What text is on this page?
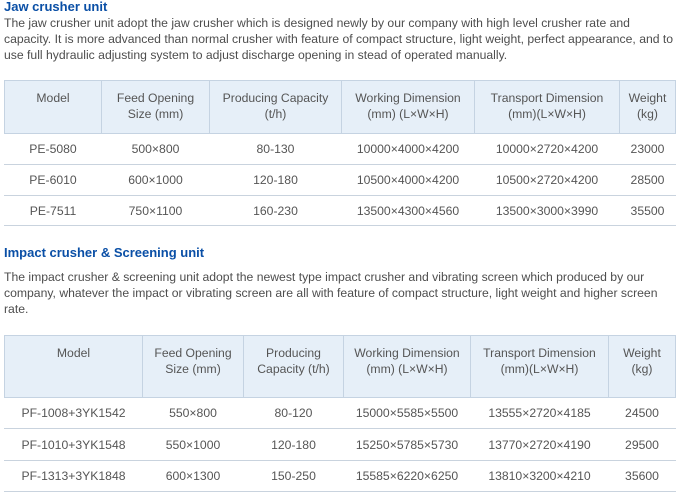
Jaw crusher unit

The jaw crusher unit adopt the jaw crusher which is designed newly by our company with high level crusher rate and capacity. It is more advanced than normal crusher with feature of compact structure, light weight, perfect appearance, and to use full hydraulic adjusting system to adjust discharge opening in stead of operated manually.

Model	Feed Opening Size (mm)	Producing Capacity (t/h)	Working Dimension (mm) (L×W×H)	Transport Dimension (mm)(L×W×H)	Weight (kg)
PE-5080	500×800	80-130	10000×4000×4200	10000×2720×4200	23000
PE-6010	600×1000	120-180	10500×4000×4200	10500×2720×4200	28500
PE-7511	750×1100	160-230	13500×4300×4560	13500×3000×3990	35500
Impact crusher & Screening unit

The impact crusher & screening unit adopt the newest type impact crusher and vibrating screen which produced by our company, whatever the impact or vibrating screen are all with feature of compact structure, light weight and higher screen rate.

Model	Feed Opening Size (mm)	Producing Capacity (t/h)	Working Dimension (mm) (L×W×H)	Transport Dimension (mm)(L×W×H)	Weight (kg)
PF-1008+3YK1542	550×800	80-120	15000×5585×5500	13555×2720×4185	24500
PF-1010+3YK1548	550×1000	120-180	15250×5785×5730	13770×2720×4190	29500
PF-1313+3YK1848	600×1300	150-250	15585×6220×6250	13810×3200×4210	35600
